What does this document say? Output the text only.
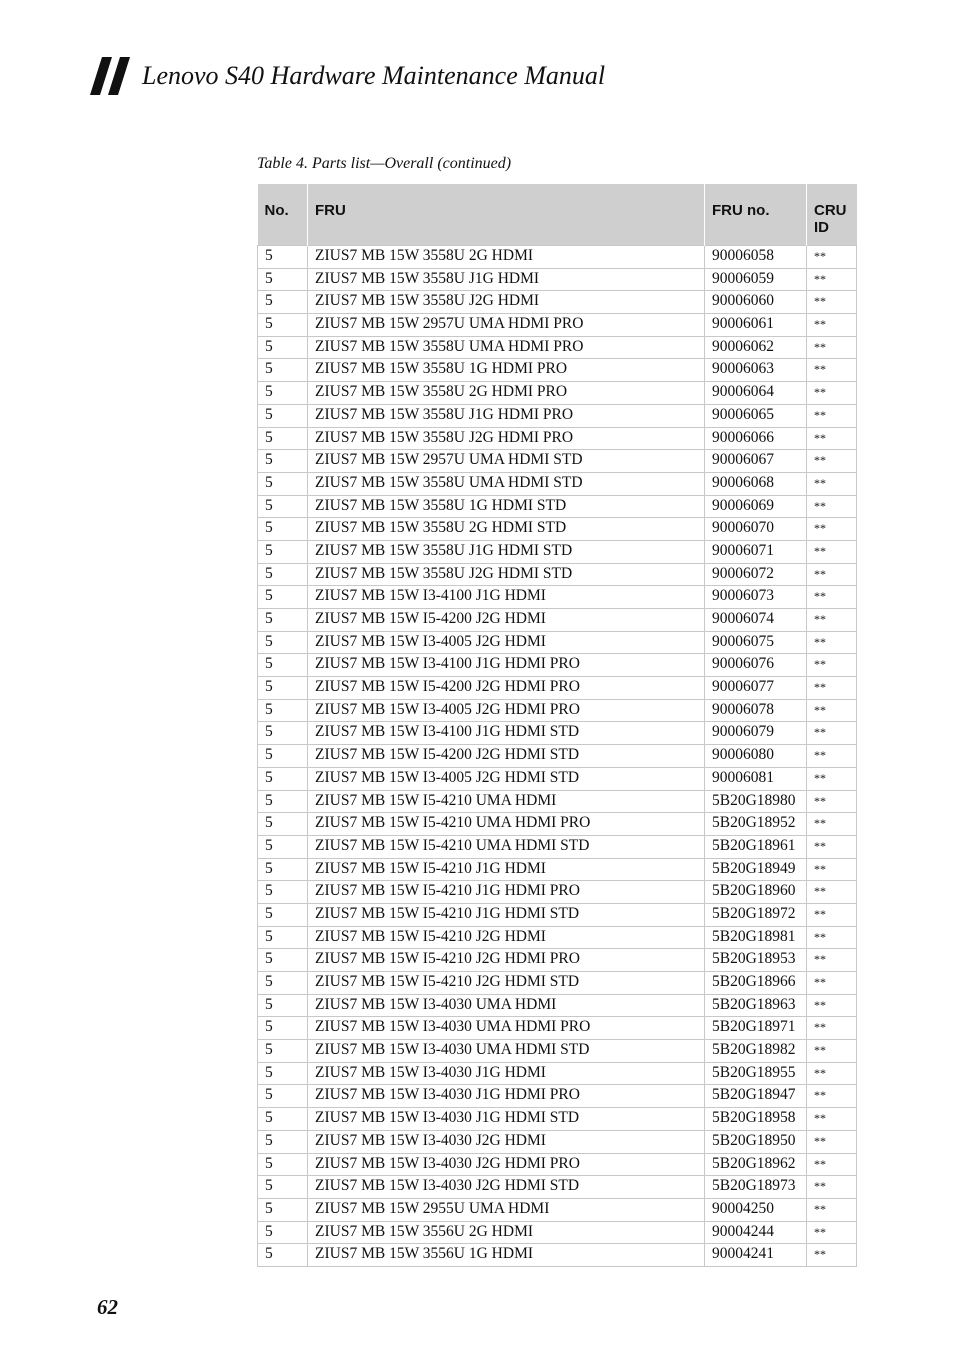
Lenovo S40 Hardware Maintenance Manual
Table 4. Parts list—Overall (continued)
No.	FRU	FRU no.	CRU ID
5	ZIUS7 MB 15W 3558U 2G HDMI	90006058	**
5	ZIUS7 MB 15W 3558U J1G HDMI	90006059	**
5	ZIUS7 MB 15W 3558U J2G HDMI	90006060	**
5	ZIUS7 MB 15W 2957U UMA HDMI PRO	90006061	**
5	ZIUS7 MB 15W 3558U UMA HDMI PRO	90006062	**
5	ZIUS7 MB 15W 3558U 1G HDMI PRO	90006063	**
5	ZIUS7 MB 15W 3558U 2G HDMI PRO	90006064	**
5	ZIUS7 MB 15W 3558U J1G HDMI PRO	90006065	**
5	ZIUS7 MB 15W 3558U J2G HDMI PRO	90006066	**
5	ZIUS7 MB 15W 2957U UMA HDMI STD	90006067	**
5	ZIUS7 MB 15W 3558U UMA HDMI STD	90006068	**
5	ZIUS7 MB 15W 3558U 1G HDMI STD	90006069	**
5	ZIUS7 MB 15W 3558U 2G HDMI STD	90006070	**
5	ZIUS7 MB 15W 3558U J1G HDMI STD	90006071	**
5	ZIUS7 MB 15W 3558U J2G HDMI STD	90006072	**
5	ZIUS7 MB 15W I3-4100 J1G HDMI	90006073	**
5	ZIUS7 MB 15W I5-4200 J2G HDMI	90006074	**
5	ZIUS7 MB 15W I3-4005 J2G HDMI	90006075	**
5	ZIUS7 MB 15W I3-4100 J1G HDMI PRO	90006076	**
5	ZIUS7 MB 15W I5-4200 J2G HDMI PRO	90006077	**
5	ZIUS7 MB 15W I3-4005 J2G HDMI PRO	90006078	**
5	ZIUS7 MB 15W I3-4100 J1G HDMI STD	90006079	**
5	ZIUS7 MB 15W I5-4200 J2G HDMI STD	90006080	**
5	ZIUS7 MB 15W I3-4005 J2G HDMI STD	90006081	**
5	ZIUS7 MB 15W I5-4210 UMA HDMI	5B20G18980	**
5	ZIUS7 MB 15W I5-4210 UMA HDMI PRO	5B20G18952	**
5	ZIUS7 MB 15W I5-4210 UMA HDMI STD	5B20G18961	**
5	ZIUS7 MB 15W I5-4210 J1G HDMI	5B20G18949	**
5	ZIUS7 MB 15W I5-4210 J1G HDMI PRO	5B20G18960	**
5	ZIUS7 MB 15W I5-4210 J1G HDMI STD	5B20G18972	**
5	ZIUS7 MB 15W I5-4210 J2G HDMI	5B20G18981	**
5	ZIUS7 MB 15W I5-4210 J2G HDMI PRO	5B20G18953	**
5	ZIUS7 MB 15W I5-4210 J2G HDMI STD	5B20G18966	**
5	ZIUS7 MB 15W I3-4030 UMA HDMI	5B20G18963	**
5	ZIUS7 MB 15W I3-4030 UMA HDMI PRO	5B20G18971	**
5	ZIUS7 MB 15W I3-4030 UMA HDMI STD	5B20G18982	**
5	ZIUS7 MB 15W I3-4030 J1G HDMI	5B20G18955	**
5	ZIUS7 MB 15W I3-4030 J1G HDMI PRO	5B20G18947	**
5	ZIUS7 MB 15W I3-4030 J1G HDMI STD	5B20G18958	**
5	ZIUS7 MB 15W I3-4030 J2G HDMI	5B20G18950	**
5	ZIUS7 MB 15W I3-4030 J2G HDMI PRO	5B20G18962	**
5	ZIUS7 MB 15W I3-4030 J2G HDMI STD	5B20G18973	**
5	ZIUS7 MB 15W 2955U UMA HDMI	90004250	**
5	ZIUS7 MB 15W 3556U 2G HDMI	90004244	**
5	ZIUS7 MB 15W 3556U 1G HDMI	90004241	**
62
